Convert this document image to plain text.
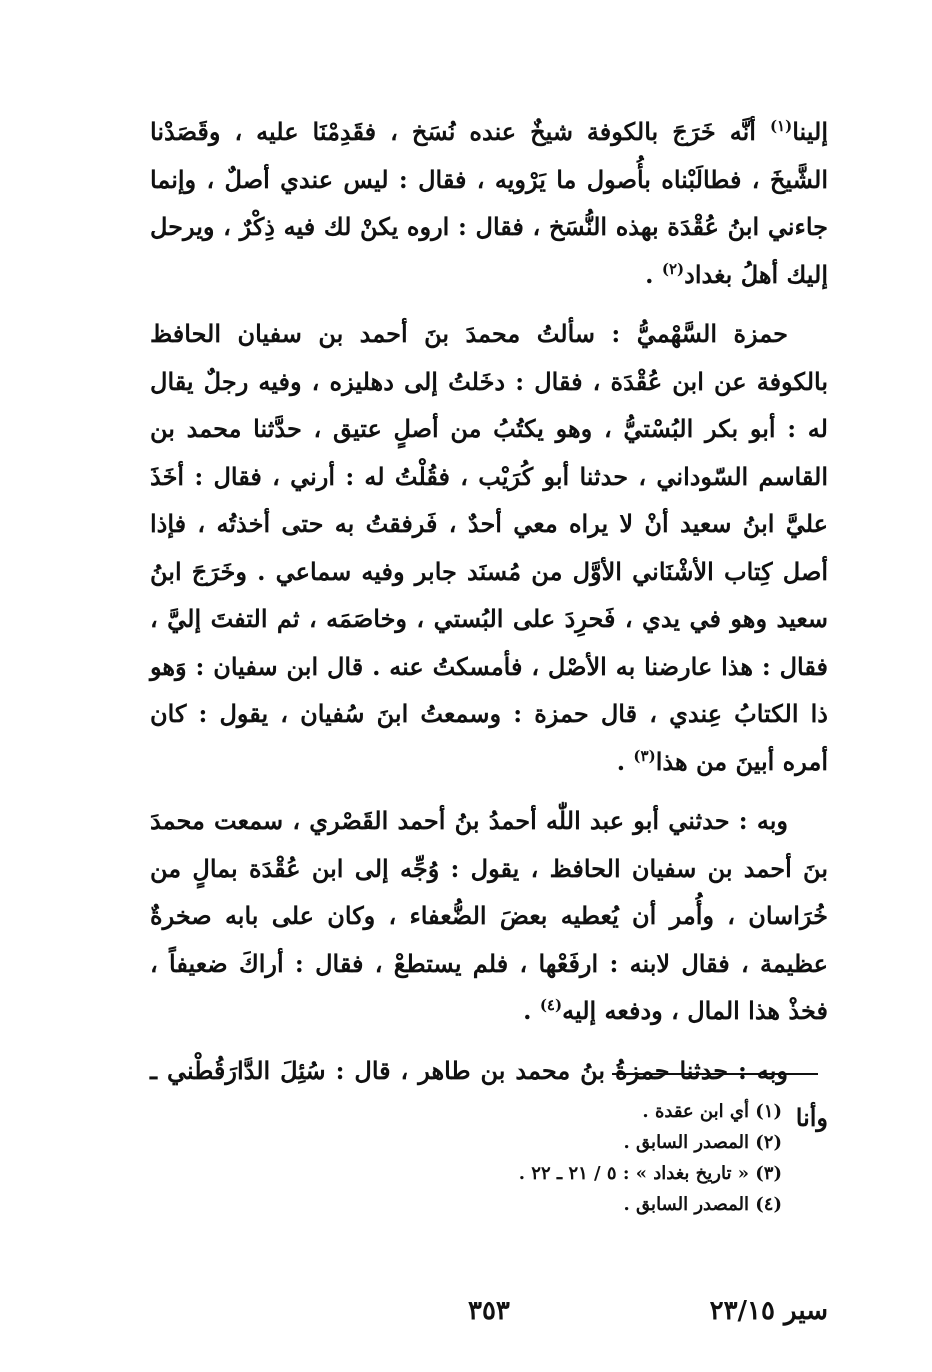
إلينا$^{(١)}$ أنَّه خَرَجَ بالكوفة شيخٌ عنده نُسَخ ، فقَدِمْنَا عليه ، وقَصَدْنا الشَّيخَ ، فطالَبْناه بأُصول ما يَرْويه ، فقال : ليس عندي أصلٌ ، وإنما جاءني ابنُ عُقْدَة بهذه النُّسَخ ، فقال : اروه يكنْ لك فيه ذِكْرٌ ، ويرحل إليك أهلُ بغداد$^{(٢)}$ .

حمزة السَّهْميُّ : سألتُ محمدَ بنَ أحمد بن سفيان الحافظ بالكوفة عن ابن عُقْدَة ، فقال : دخَلتُ إلى دهليزه ، وفيه رجلٌ يقال له : أبو بكر البُسْتيُّ ، وهو يكتُبُ من أصلٍ عتيق ، حدَّثنا محمد بن القاسم السّوداني ، حدثنا أبو كُرَيْب ، فقُلْتُ له : أرني ، فقال : أخَذَ عليَّ ابنُ سعيد أنْ لا يراه معي أحدٌ ، فَرفقتُ به حتى أخذتُه ، فإذا أصل كِتاب الأشْنَاني الأوَّل من مُسنَد جابر وفيه سماعي . وخَرَجَ ابنُ سعيد وهو في يدي ، فَحرِدَ على البُستي ، وخاصَمَه ، ثم التفتَ إليَّ ، فقال : هذا عارضنا به الأصْل ، فأمسكتُ عنه . قال ابن سفيان : وَهو ذا الكتابُ عِندي ، قال حمزة : وسمعتُ ابنَ سُفيان ، يقول : كان أمره أبينَ من هذا$^{(٣)}$ .

وبه : حدثني أبو عبد اللّٰه أحمدُ بنُ أحمد القَصْري ، سمعت محمدَ بنَ أحمد بن سفيان الحافظ ، يقول : وُجِّه إلى ابن عُقْدَة بمالٍ من خُرَاسان ، وأُمر أن يُعطيه بعضَ الضُّعفاء ، وكان على بابه صخرةٌ عظيمة ، فقال لابنه : ارفَعْها ، فلم يستطعْ ، فقال : أراكَ ضعيفاً ، فخذْ هذا المال ، ودفعه إليه$^{(٤)}$ .

وبه : حدثنا حمزةُ بنُ محمد بن طاهر ، قال : سُئِلَ الدَّارَقُطْني ـ وأنا

(١) أي ابن عقدة .

(٢) المصدر السابق .

(٣) « تاريخ بغداد » : ٥ / ٢١ ـ ٢٢ .

(٤) المصدر السابق .

سير ٢٣/١٥
٣٥٣
